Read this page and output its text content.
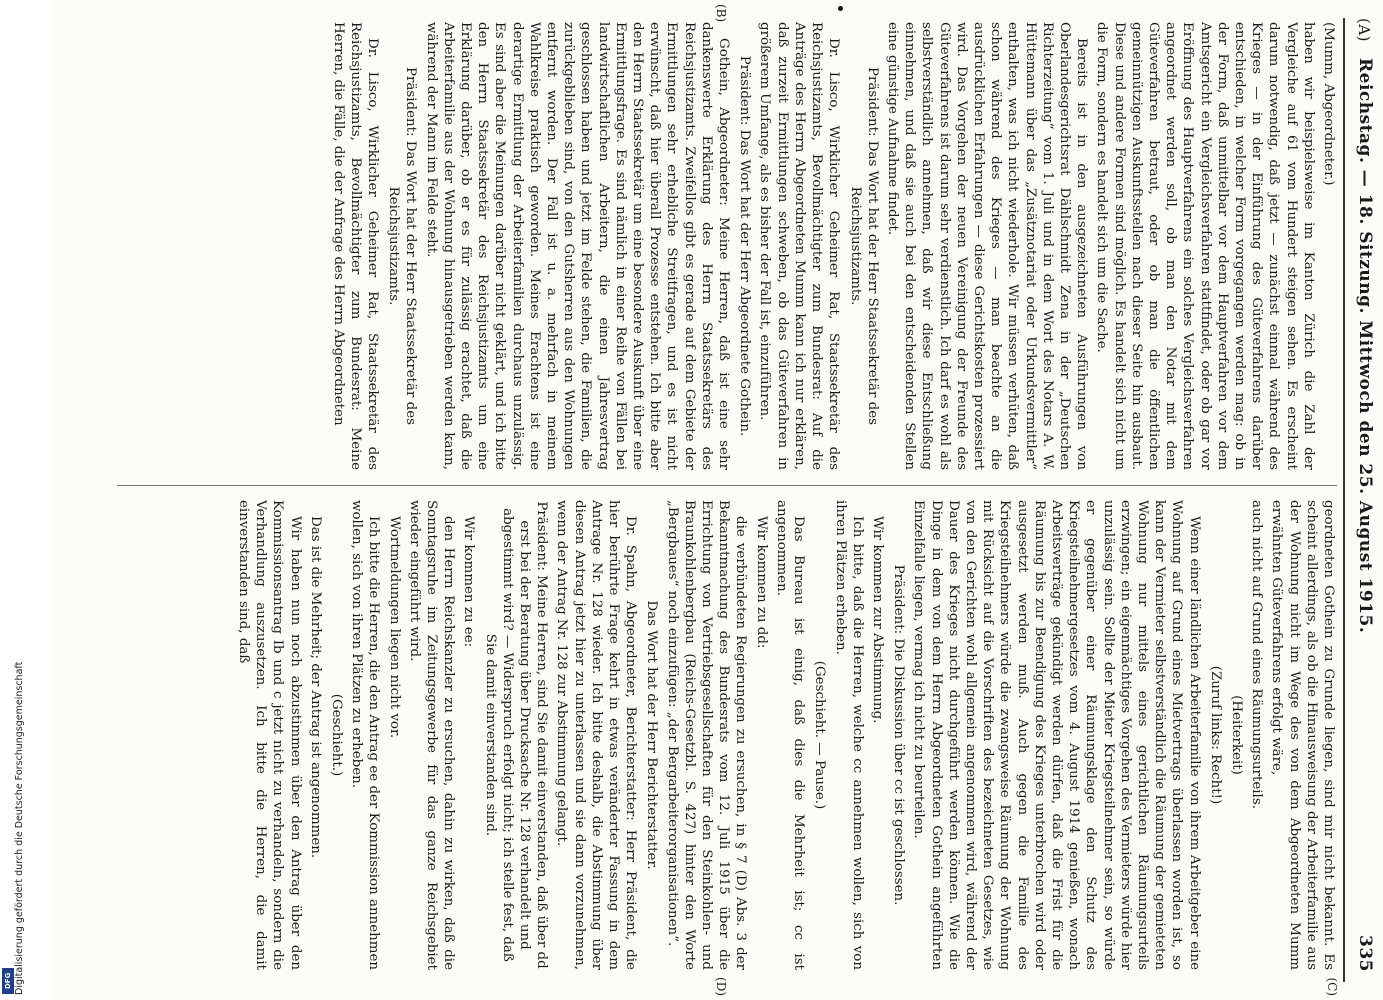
(A)
Reichstag. — 18. Sitzung. Mittwoch den 25. August 1915.
335

(Mumm, Abgeordneter.)

haben wir beispielsweise im Kanton Zürich die Zahl der Vergleiche auf 61 vom Hundert steigen sehen. Es erscheint darum notwendig, daß jetzt — zunächst einmal während des Krieges — in der Einführung des Güteverfahrens darüber entschieden, in welcher Form vorgegangen werden mag: ob in der Form, daß unmittelbar vor dem Hauptverfahren vor dem Amtsgericht ein Vergleichsverfahren stattfindet, oder ob gar vor Eröffnung des Hauptverfahrens ein solches Vergleichsverfahren angeordnet werden soll, ob man den Notar mit dem Güteverfahren betraut, oder ob man die öffentlichen gemeinnützigen Auskunftsstellen nach dieser Seite hin ausbaut. Diese und andere Formen sind möglich. Es handelt sich nicht um die Form, sondern es handelt sich um die Sache.

Bereits ist in den ausgezeichneten Ausführungen von Oberlandesgerichtsrat Dählschmidt Zena in der „Deutschen Richterzeitung“ vom 1. Juli und in dem Wort des Notars A. W. Hüttemann über das „Zusätznotariat oder Urkundsvermittler“ enthalten, was ich nicht wiederhole. Wir müssen verhüten, daß schon während des Krieges — man beachte an die ausdrücklichen Erfahrungen — diese Gerichtskosten prozessiert wird. Das Vorgehen der neuen Vereinigung der Freunde des Güteverfahrens ist darum sehr verdienstlich. Ich darf es wohl als selbstverständlich annehmen, daß wir diese Entschließung einnehmen, und daß sie auch bei den entscheidenden Stellen eine günstige Aufnahme findet.

Präsident: Das Wort hat der Herr Staatssekretär des Reichsjustizamts.

Dr. Lisco, Wirklicher Geheimer Rat, Staatssekretär des Reichsjustizamts, Bevollmächtigter zum Bundesrat: Auf die Anträge des Herrn Abgeordneten Mumm kann ich nur erklären, daß zurzeit Ermittlungen schweben, ob das Güteverfahren in größerem Umfange, als es bisher der Fall ist, einzuführen.

Präsident: Das Wort hat der Herr Abgeordnete Gothein.

Gothein, Abgeordneter: Meine Herren, daß ist eine sehr dankenswerte Erklärung des Herrn Staatssekretärs des Reichsjustizamts. Zweifellos gibt es gerade auf dem Gebiete der Ermittlungen sehr erhebliche Streitfragen, und es ist nicht erwünscht, daß hier überall Prozesse entstehen. Ich bitte aber den Herrn Staatssekretär um eine besondere Auskunft über eine Ermittlungsfrage. Es sind nämlich in einer Reihe von Fällen bei landwirtschaftlichen Arbeitern, die einen Jahresvertrag geschlossen haben und jetzt im Felde stehen, die Familien, die zurückgeblieben sind, von den Gutsherren aus den Wohnungen entfernt worden. Der Fall ist u. a. mehrfach in meinem Wahlkreise praktisch geworden. Meines Erachtens ist eine derartige Ermittlung der Arbeiterfamilien durchaus unzulässig. Es sind aber die Meinungen darüber nicht geklärt, und ich bitte den Herrn Staatssekretär des Reichsjustizamts um eine Erklärung darüber, ob er es für zulässig erachtet, daß die Arbeiterfamilie aus der Wohnung hinausgetrieben werden kann, während der Mann im Felde steht.

Präsident: Das Wort hat der Herr Staatssekretär des Reichsjustizamts.

Dr. Lisco, Wirklicher Geheimer Rat, Staatssekretär des Reichsjustizamts, Bevollmächtigter zum Bundesrat: Meine Herren, die Fälle, die der Anfrage des Herrn Abgeordneten

geordneten Gothein zu Grunde liegen, sind mir nicht bekannt. Es scheint allerdings, als ob die Hinausweisung der Arbeiterfamilie aus der Wohnung nicht im Wege des von dem Abgeordneten Mumm erwähnten Güteverfahrens erfolgt wäre,

auch nicht auf Grund eines Räumungsurteils.

(Heiterkeit)

(Zuruf links: Recht!)

Wenn einer ländlichen Arbeiterfamilie von ihrem Arbeitgeber eine Wohnung auf Grund eines Mietvertrags überlassen worden ist, so kann der Vermieter selbstverständlich die Räumung der gemieteten Wohnung nur mittels eines gerichtlichen Räumungsurteils erzwingen; ein eigenmächtiges Vorgehen des Vermieters würde hier unzulässig sein. Sollte der Mieter Kriegsteilnehmer sein, so würde er gegenüber einer Räumungsklage den Schutz des Kriegsteilnehmergesetzes vom 4. August 1914 genießen, wonach Arbeitsverträge gekündigt werden dürfen, daß die Frist für die Räumung bis zur Beendigung des Krieges unterbrochen wird oder ausgesetzt werden muß. Auch gegen die Familie des Kriegsteilnehmers würde die zwangsweise Räumung der Wohnung mit Rücksicht auf die Vorschriften des bezeichneten Gesetzes, wie von den Gerichten wohl allgemein angenommen wird, während der Dauer des Krieges nicht durchgeführt werden können. Wie die Dinge in dem von dem Herrn Abgeordneten Gothein angeführten Einzelfalle liegen, vermag ich nicht zu beurteilen.

Präsident: Die Diskussion über cc ist geschlossen.

Wir kommen zur Abstimmung.

Ich bitte, daß die Herren, welche cc annehmen wollen, sich von ihren Plätzen erheben.

(Geschieht. — Pause.)

Das Bureau ist einig, daß dies die Mehrheit ist; cc ist angenommen.

Wir kommen zu dd:

die verbündeten Regierungen zu ersuchen, in § 7 (D) Abs. 3 der Bekanntmachung des Bundesrats vom 12. Juli 1915 über die Errichtung von Vertriebsgesellschaften für den Steinkohlen- und Braunkohlenbergbau (Reichs-Gesetzbl. S. 427) hinter den Worte „Bergbaues“ noch einzufügen: „der Bergarbeiterorganisationen“.

Das Wort hat der Herr Berichterstatter.

Dr. Spahn, Abgeordneter, Berichterstatter: Herr Präsident, die hier berührte Frage kehrt in etwas veränderter Fassung in dem Antrage Nr. 128 wieder. Ich bitte deshalb, die Abstimmung über diesen Antrag jetzt hier zu unterlassen und sie dann vorzunehmen, wenn der Antrag Nr. 128 zur Abstimmung gelangt.

Präsident: Meine Herren, sind Sie damit einverstanden, daß über dd erst bei der Beratung über Drucksache Nr. 128 verhandelt und abgestimmt wird? — Widerspruch erfolgt nicht; ich stelle fest, daß Sie damit einverstanden sind.

Wir kommen zu ee:

den Herrn Reichskanzler zu ersuchen, dahin zu wirken, daß die Sonntagsruhe im Zeitungsgewerbe für das ganze Reichsgebiet wieder eingeführt wird.

Wortmeldungen liegen nicht vor.

Ich bitte die Herren, die den Antrag ee der Kommission annehmen wollen, sich von ihren Plätzen zu erheben.

(Geschieht.)

Das ist die Mehrheit; der Antrag ist angenommen.

Wir haben nun noch abzustimmen über den Antrag über den Kommissionsantrag Ib und c jetzt nicht zu verhandeln, sondern die Verhandlung auszusetzen. Ich bitte die Herren, die damit einverstanden sind, daß

(C)
(B)
(D)
Digitalisierung gefördert durch die Deutsche Forschungsgemeinschaft
DFG
